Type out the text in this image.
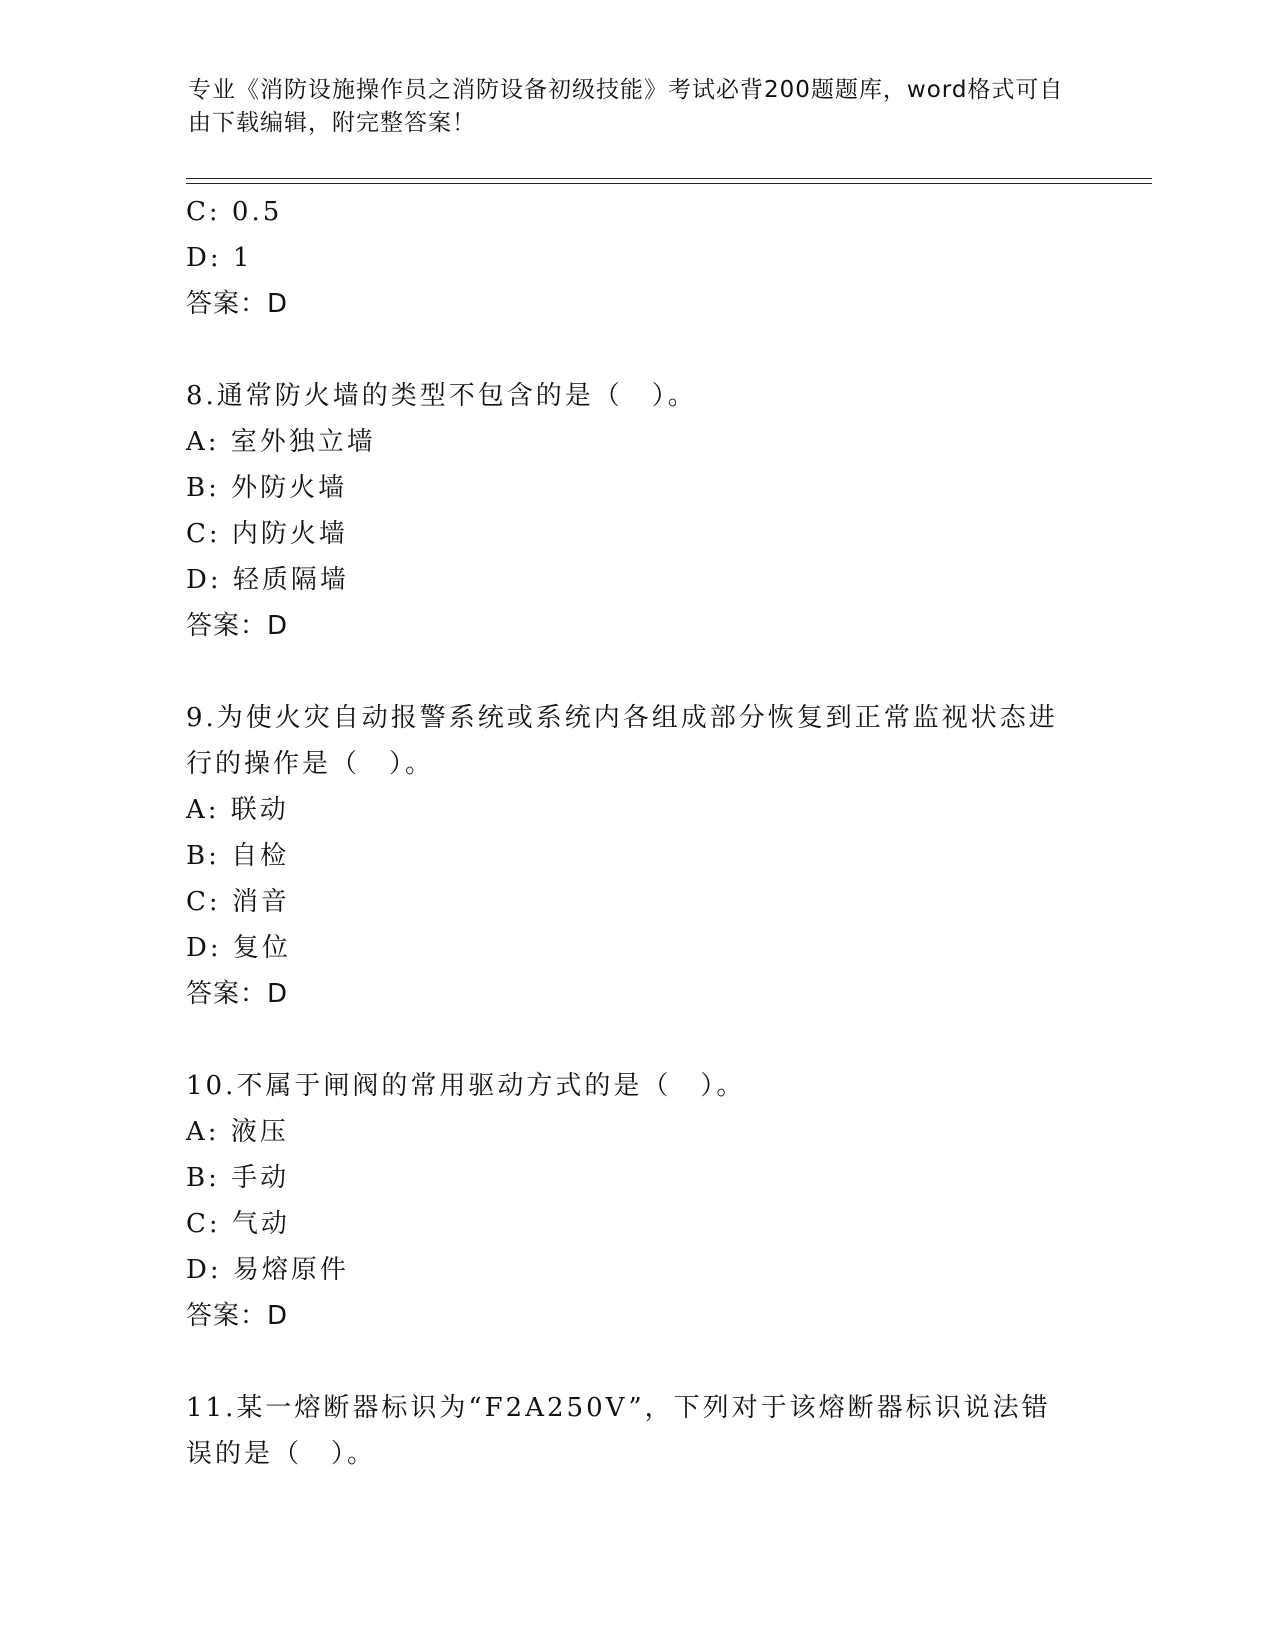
专业《消防设施操作员之消防设备初级技能》考试必背200题题库，word格式可自由下载编辑，附完整答案！
C: 0.5
D: 1
答案：D
8.通常防火墙的类型不包含的是（　）。
A: 室外独立墙
B: 外防火墙
C: 内防火墙
D: 轻质隔墙
答案：D
9.为使火灾自动报警系统或系统内各组成部分恢复到正常监视状态进行的操作是（　）。
A: 联动
B: 自检
C: 消音
D: 复位
答案：D
10.不属于闸阀的常用驱动方式的是（　）。
A: 液压
B: 手动
C: 气动
D: 易熔原件
答案：D
11.某一熔断器标识为“F2A250V”，下列对于该熔断器标识说法错误的是（　）。
